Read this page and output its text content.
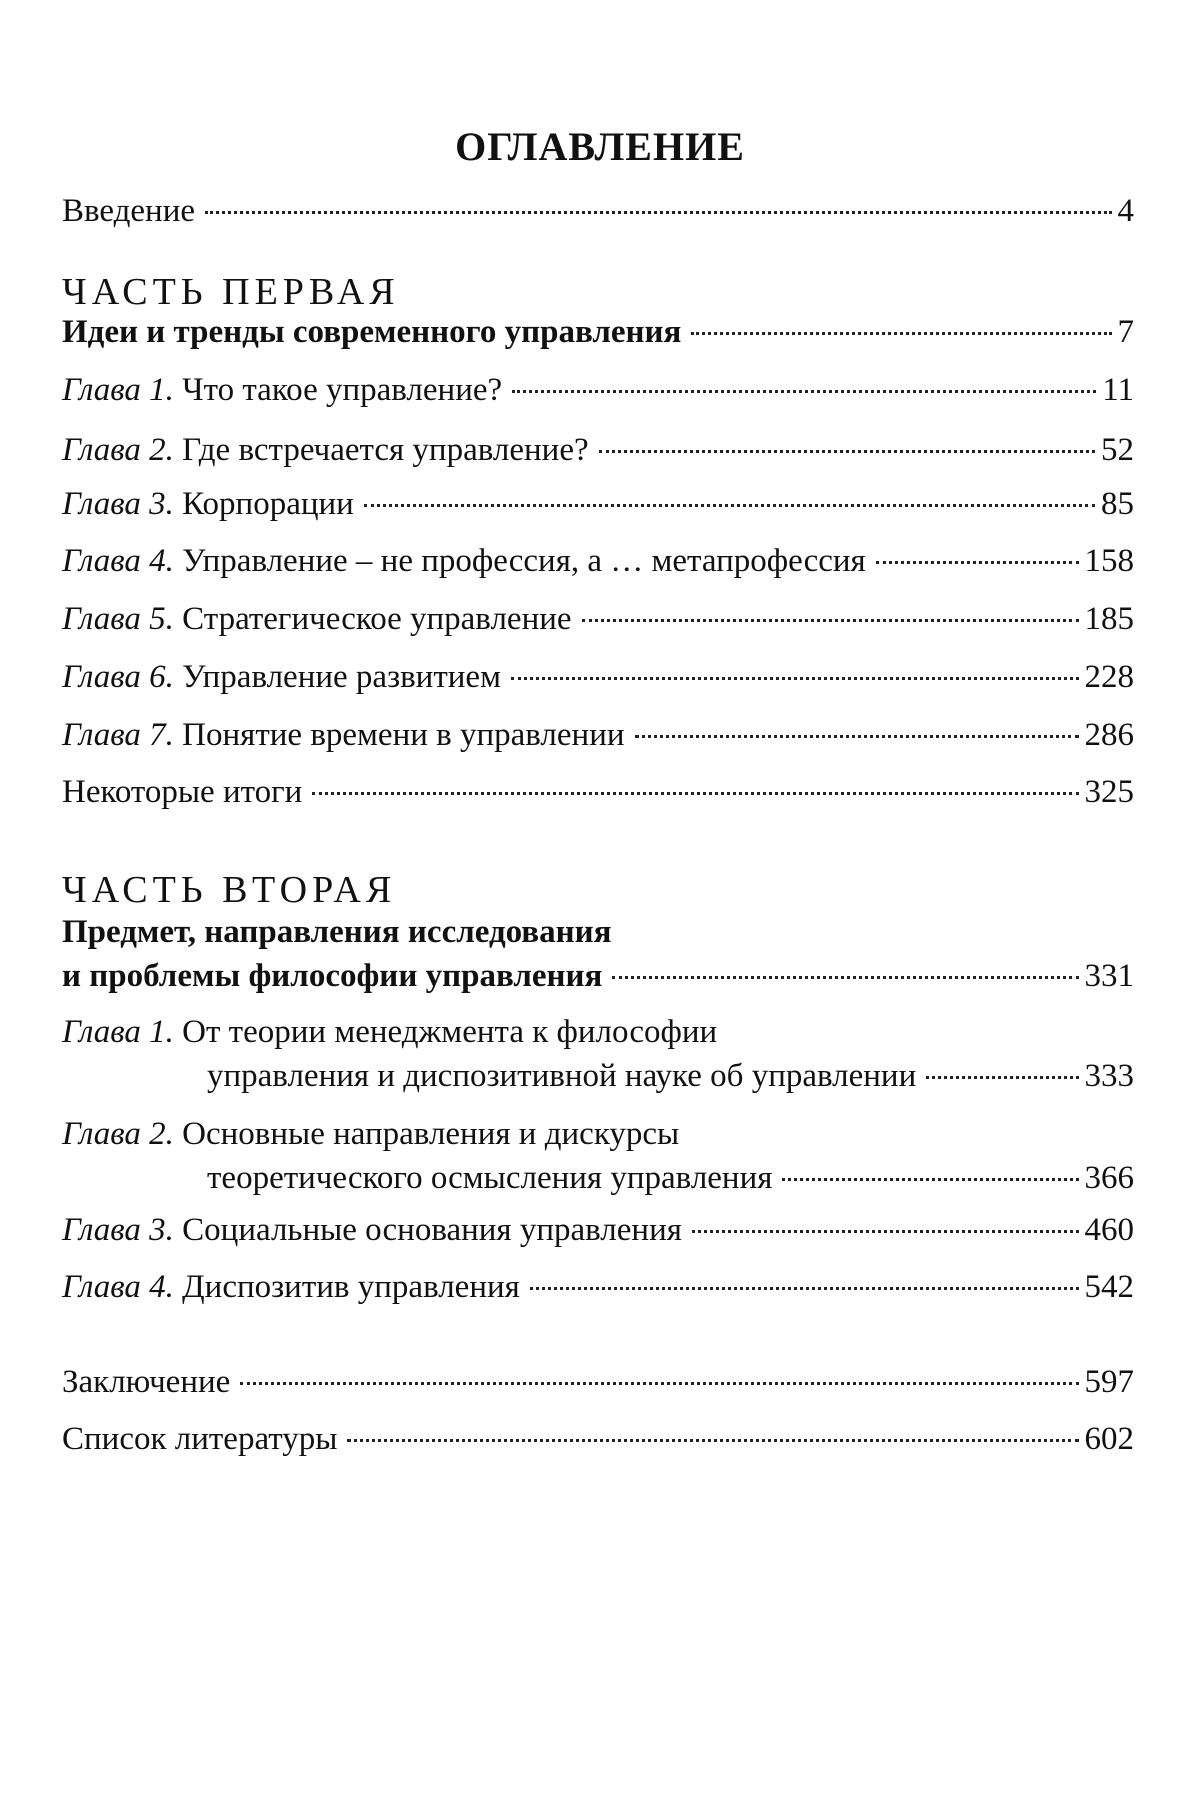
ОГЛАВЛЕНИЕ
Введение	4
ЧАСТЬ ПЕРВАЯ
Идеи и тренды современного управления	7
Глава 1. Что такое управление?	11
Глава 2. Где встречается управление?	52
Глава 3. Корпорации	85
Глава 4. Управление – не профессия, а … метапрофессия	158
Глава 5. Стратегическое управление	185
Глава 6. Управление развитием	228
Глава 7. Понятие времени в управлении	286
Некоторые итоги	325
ЧАСТЬ ВТОРАЯ
Предмет, направления исследования
и проблемы философии управления	331
Глава 1. От теории менеджмента к философии
управления и диспозитивной науке об управлении	333
Глава 2. Основные направления и дискурсы
теоретического осмысления управления	366
Глава 3. Социальные основания управления	460
Глава 4. Диспозитив управления	542
Заключение	597
Список литературы	602
